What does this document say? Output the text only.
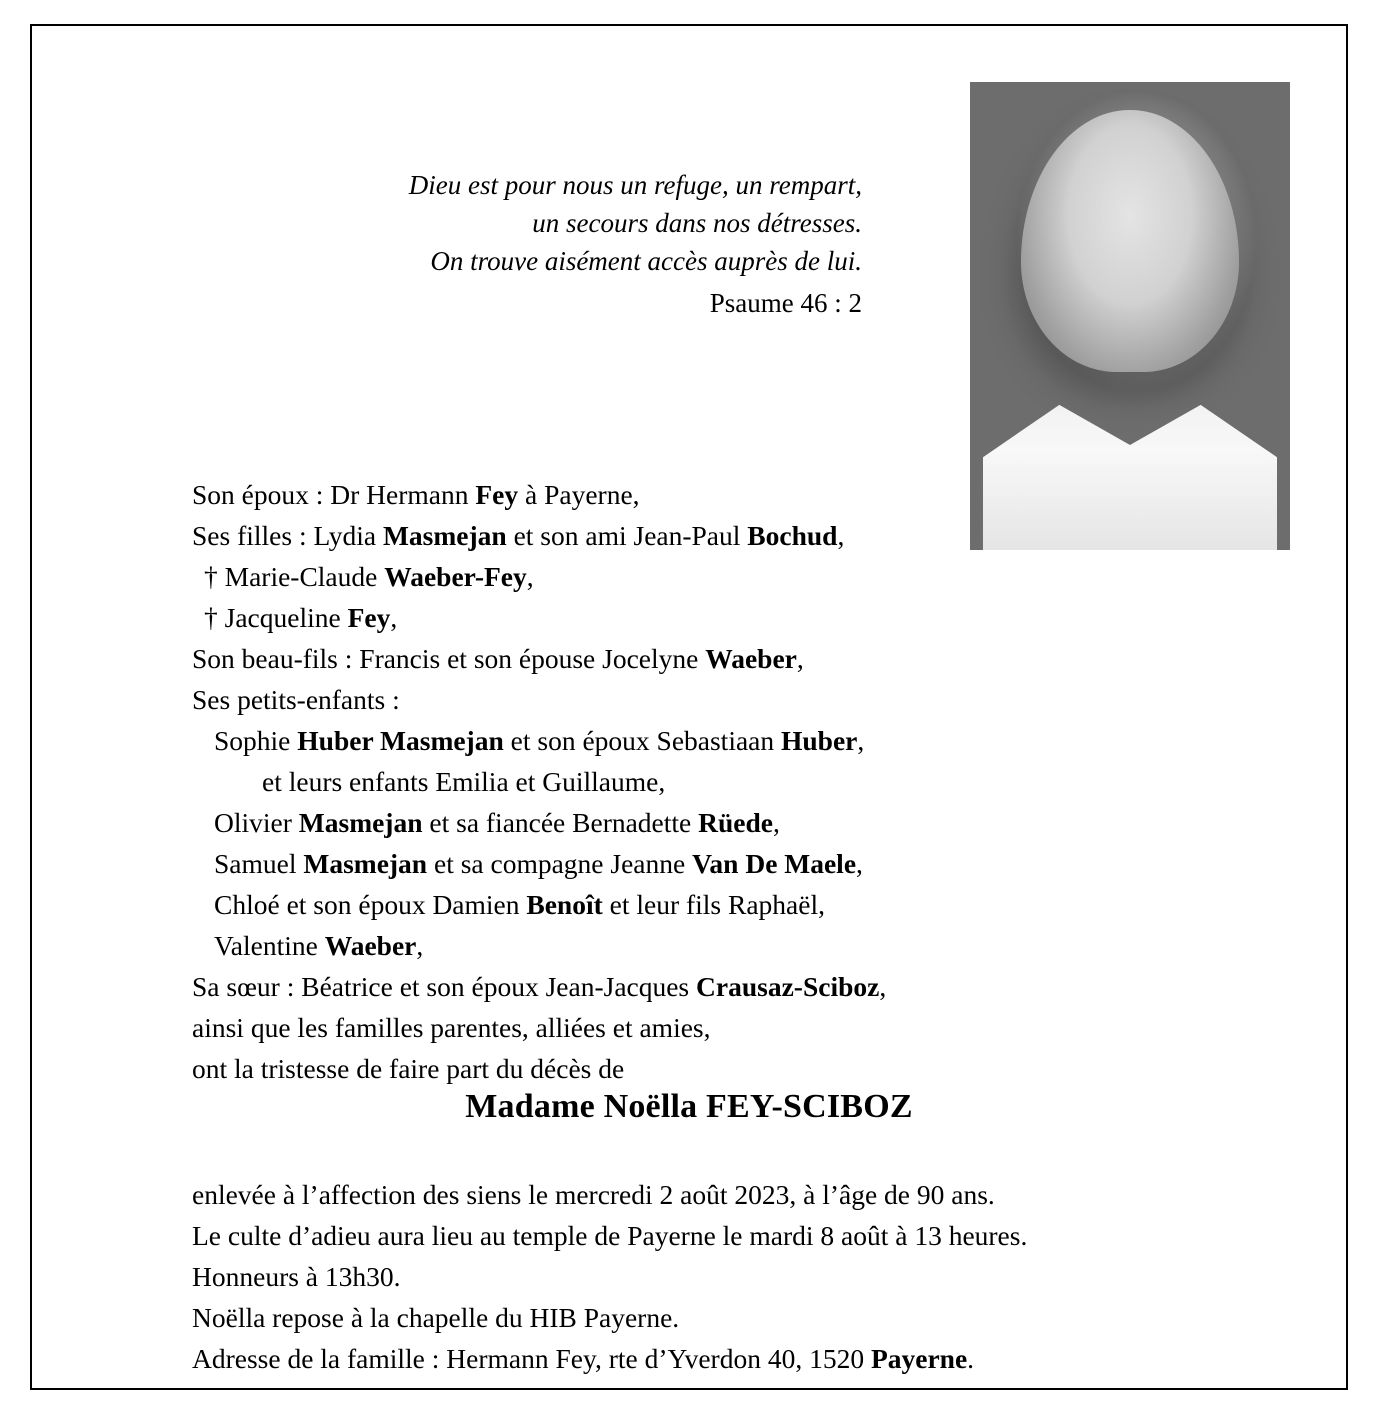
Dieu est pour nous un refuge, un rempart,
un secours dans nos détresses.
On trouve aisément accès auprès de lui.
Psaume 46 : 2
Son époux : Dr Hermann Fey à Payerne,
Ses filles : Lydia Masmejan et son ami Jean-Paul Bochud,
† Marie-Claude Waeber-Fey,
† Jacqueline Fey,
Son beau-fils : Francis et son épouse Jocelyne Waeber,
Ses petits-enfants :
Sophie Huber Masmejan et son époux Sebastiaan Huber,
et leurs enfants Emilia et Guillaume,
Olivier Masmejan et sa fiancée Bernadette Rüede,
Samuel Masmejan et sa compagne Jeanne Van De Maele,
Chloé et son époux Damien Benoît et leur fils Raphaël,
Valentine Waeber,
Sa sœur : Béatrice et son époux Jean-Jacques Crausaz-Sciboz,
ainsi que les familles parentes, alliées et amies,
ont la tristesse de faire part du décès de
Madame Noëlla FEY-SCIBOZ
enlevée à l’affection des siens le mercredi 2 août 2023, à l’âge de 90 ans.
Le culte d’adieu aura lieu au temple de Payerne le mardi 8 août à 13 heures.
Honneurs à 13h30.
Noëlla repose à la chapelle du HIB Payerne.
Adresse de la famille : Hermann Fey, rte d’Yverdon 40, 1520 Payerne.
